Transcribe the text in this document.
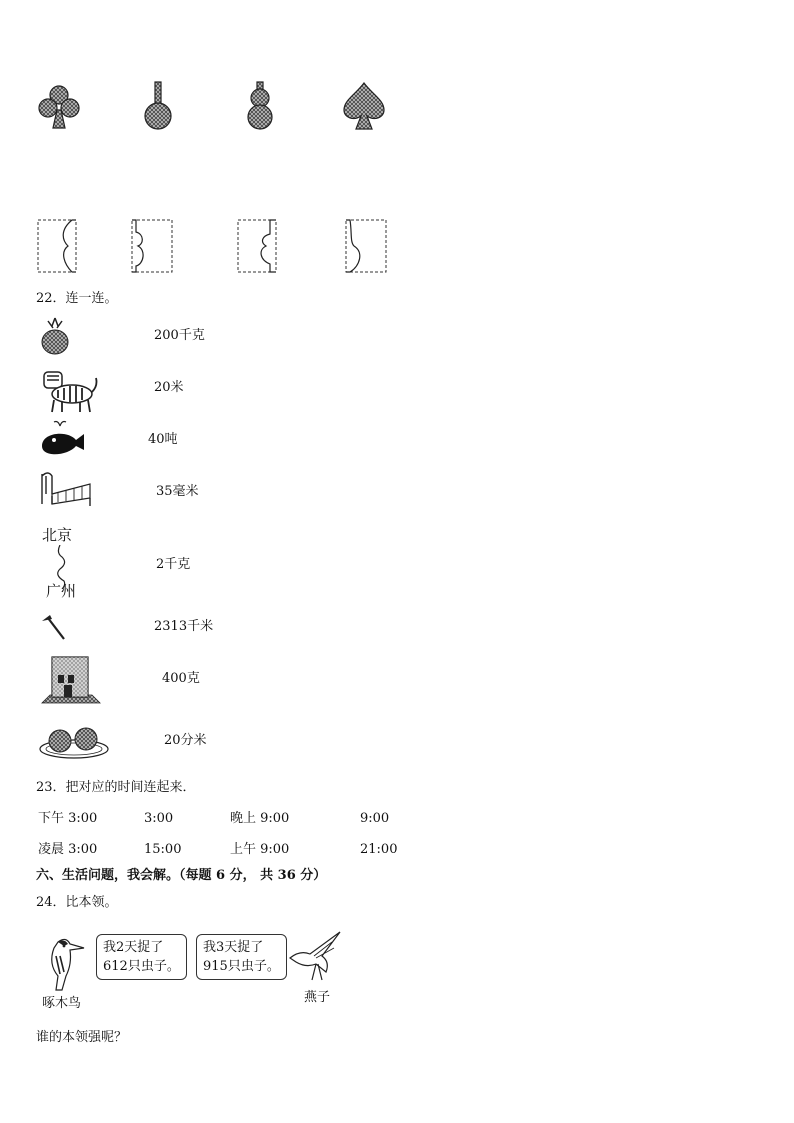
22．连一连。
北京
广州
200千克
20米
40吨
35毫米
2千克
2313千米
400克
20分米
23．把对应的时间连起来．
下午 3:00	3:00	晚上 9:00	9:00
凌晨 3:00	15:00	上午 9:00	21:00
六、生活问题，我会解。（每题 6 分， 共 36 分）
24．比本领。
啄木鸟
我2天捉了
612只虫子。
我3天捉了
915只虫子。
燕子
谁的本领强呢？
